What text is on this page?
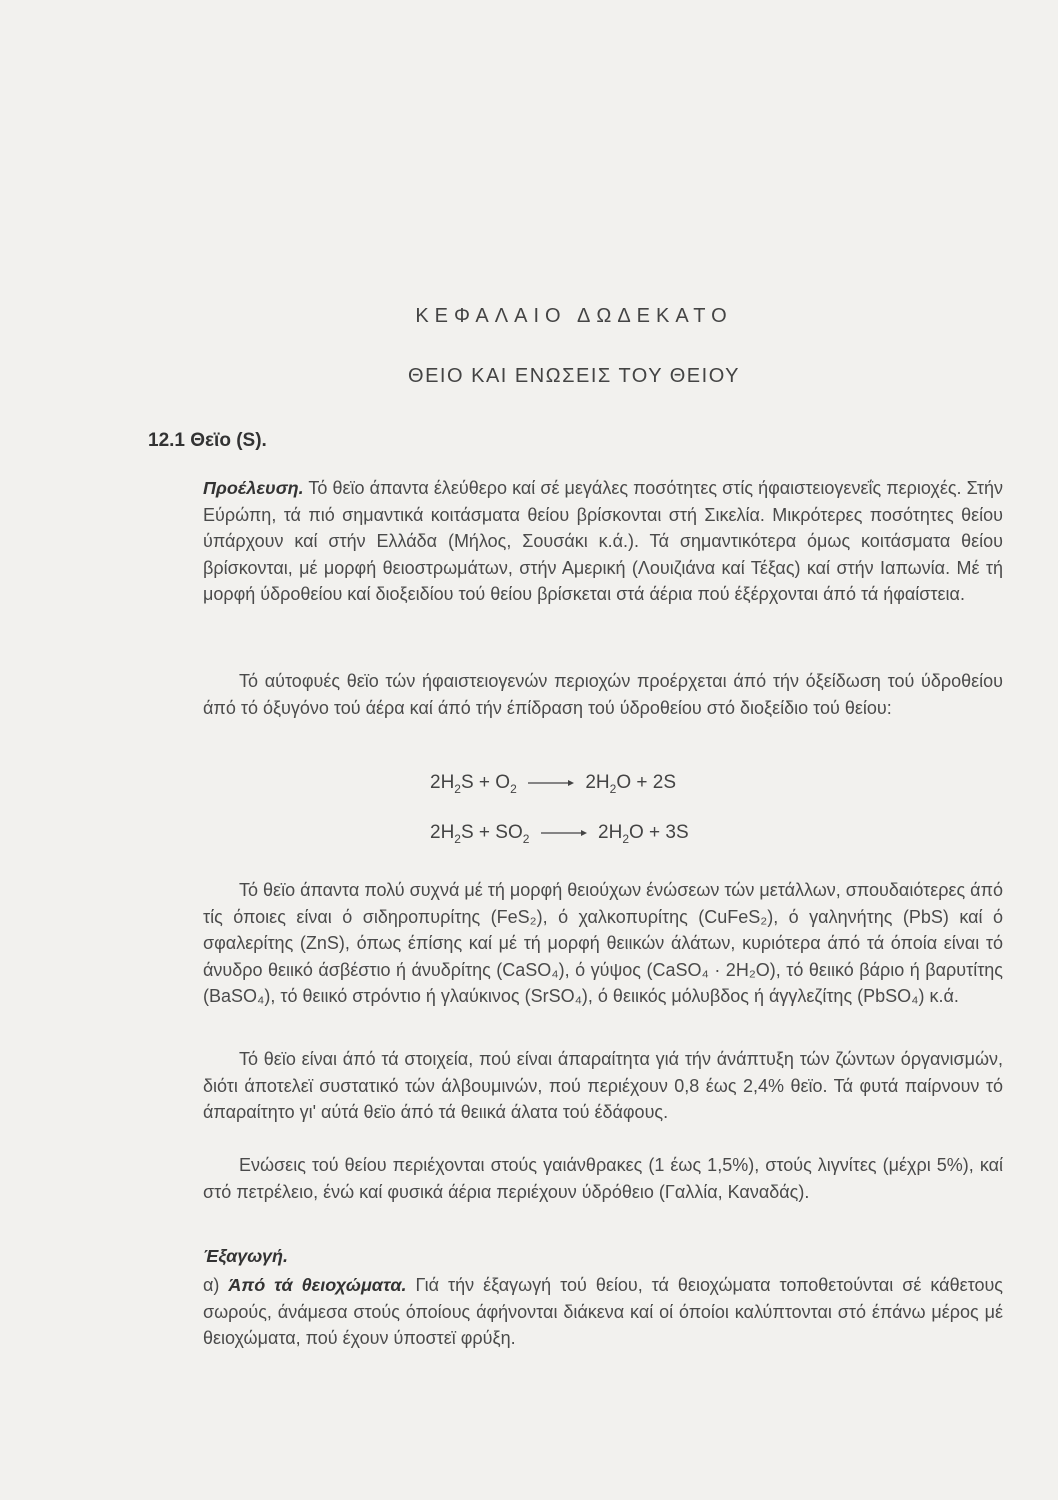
ΚΕΦΑΛΑΙΟ ΔΩΔΕΚΑΤΟ
ΘΕΙΟ ΚΑΙ ΕΝΩΣΕΙΣ ΤΟΥ ΘΕΙΟΥ
12.1 Θεϊο (S).
Προέλευση. Τό θεϊο άπαντα έλεύθερο καί σέ μεγάλες ποσότητες στίς ήφαιστειογενεΐς περιοχές. Στήν Εύρώπη, τά πιό σημαντικά κοιτάσματα θείου βρίσκονται στή Σικελία. Μικρότερες ποσότητες θείου ύπάρχουν καί στήν Ελλάδα (Μήλος, Σουσάκι κ.ά.). Τά σημαντικότερα όμως κοιτάσματα θείου βρίσκονται, μέ μορφή θειοστρωμάτων, στήν Αμερική (Λουιζιάνα καί Τέξας) καί στήν Ιαπωνία. Μέ τή μορφή ύδροθείου καί διοξειδίου τού θείου βρίσκεται στά άέρια πού έξέρχονται άπό τά ήφαίστεια.
Τό αύτοφυές θεϊο τών ήφαιστειογενών περιοχών προέρχεται άπό τήν όξείδωση τού ύδροθείου άπό τό όξυγόνο τού άέρα καί άπό τήν έπίδραση τού ύδροθείου στό διοξείδιο τού θείου:
$2H_2S + O_2 \to 2H_2O + 2S$
$2H_2S + SO_2 \to 2H_2O + 3S$
Τό θεϊο άπαντα πολύ συχνά μέ τή μορφή θειούχων ένώσεων τών μετάλλων, σπουδαιότερες άπό τίς όποιες είναι ό σιδηροπυρίτης (FeS₂), ό χαλκοπυρίτης (CuFeS₂), ό γαληνήτης (PbS) καί ό σφαλερίτης (ZnS), όπως έπίσης καί μέ τή μορφή θειικών άλάτων, κυριότερα άπό τά όποία είναι τό άνυδρο θειικό άσβέστιο ή άνυδρίτης (CaSO₄), ό γύψος (CaSO₄ · 2H₂O), τό θειικό βάριο ή βαρυτίτης (BaSO₄), τό θειικό στρόντιο ή γλαύκινος (SrSO₄), ό θειικός μόλυβδος ή άγγλεζίτης (PbSO₄) κ.ά.
Τό θεϊο είναι άπό τά στοιχεία, πού είναι άπαραίτητα γιά τήν άνάπτυξη τών ζώντων όργανισμών, διότι άποτελεϊ συστατικό τών άλβουμινών, πού περιέχουν 0,8 έως 2,4% θεϊο. Τά φυτά παίρνουν τό άπαραίτητο γι' αύτά θεϊο άπό τά θειικά άλατα τού έδάφους.
Ενώσεις τού θείου περιέχονται στούς γαιάνθρακες (1 έως 1,5%), στούς λιγνίτες (μέχρι 5%), καί στό πετρέλειο, ένώ καί φυσικά άέρια περιέχουν ύδρόθειο (Γαλλία, Καναδάς).
Έξαγωγή.
α) Άπό τά θειοχώματα. Γιά τήν έξαγωγή τού θείου, τά θειοχώματα τοποθετούνται σέ κάθετους σωρούς, άνάμεσα στούς όποίους άφήνονται διάκενα καί οί όποίοι καλύπτονται στό έπάνω μέρος μέ θειοχώματα, πού έχουν ύποστεϊ φρύξη.
